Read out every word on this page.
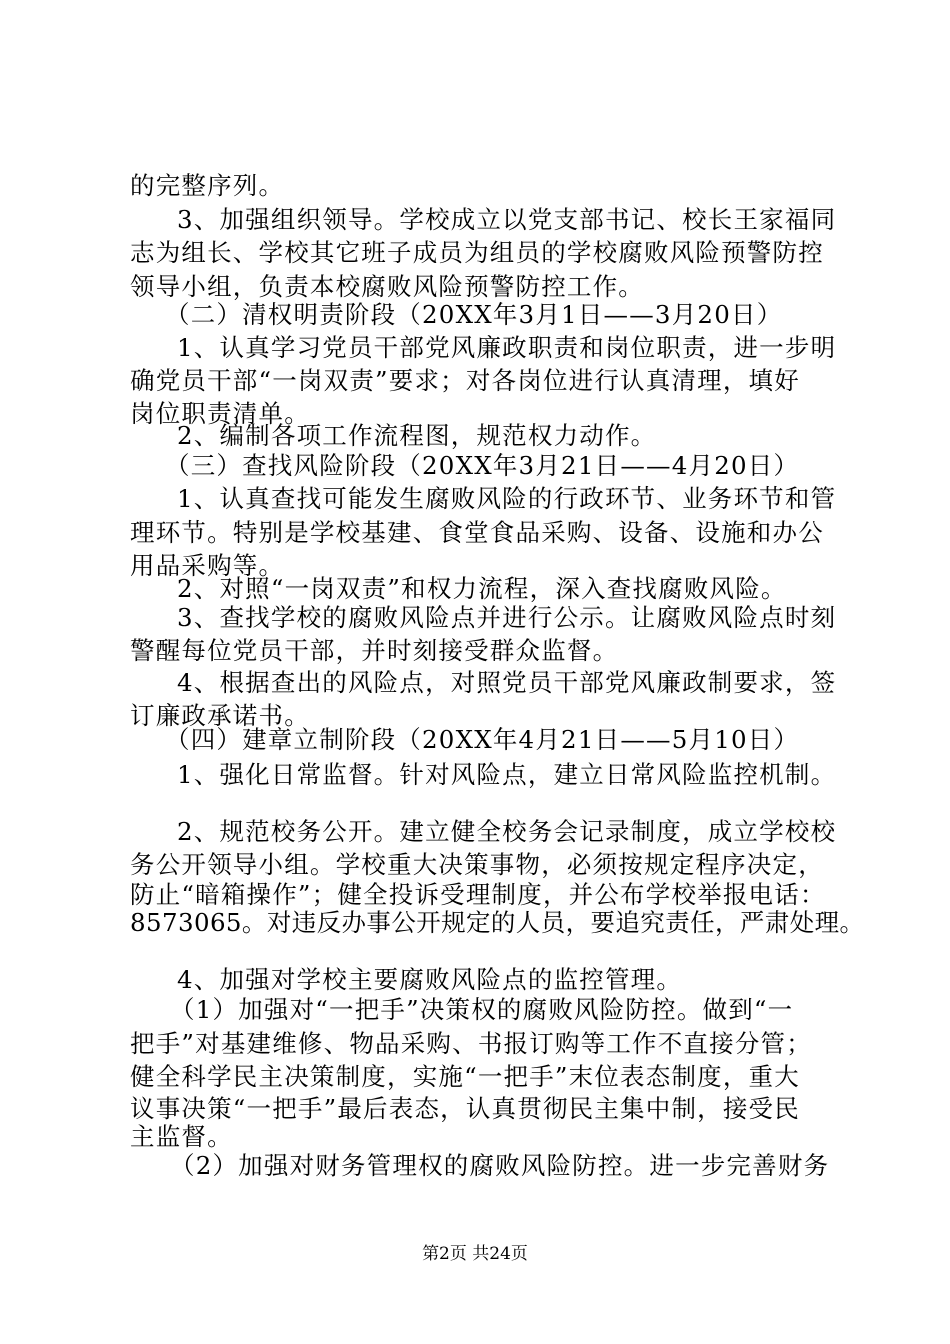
的完整序列。
3、加强组织领导。学校成立以党支部书记、校长王家福同
志为组长、学校其它班子成员为组员的学校腐败风险预警防控
领导小组，负责本校腐败风险预警防控工作。
（二）清权明责阶段（20XX年3月1日——3月20日）
1、认真学习党员干部党风廉政职责和岗位职责，进一步明
确党员干部“一岗双责”要求；对各岗位进行认真清理，填好
岗位职责清单。
2、编制各项工作流程图，规范权力动作。
（三）查找风险阶段（20XX年3月21日——4月20日）
1、认真查找可能发生腐败风险的行政环节、业务环节和管
理环节。特别是学校基建、食堂食品采购、设备、设施和办公
用品采购等。
2、对照“一岗双责”和权力流程，深入查找腐败风险。
3、查找学校的腐败风险点并进行公示。让腐败风险点时刻
警醒每位党员干部，并时刻接受群众监督。
4、根据查出的风险点，对照党员干部党风廉政制要求，签
订廉政承诺书。
（四）建章立制阶段（20XX年4月21日——5月10日）
1、强化日常监督。针对风险点，建立日常风险监控机制。
2、规范校务公开。建立健全校务会记录制度，成立学校校
务公开领导小组。学校重大决策事物，必须按规定程序决定，
防止“暗箱操作”；健全投诉受理制度，并公布学校举报电话：
8573065。对违反办事公开规定的人员，要追究责任，严肃处理。
4、加强对学校主要腐败风险点的监控管理。
（1）加强对“一把手”决策权的腐败风险防控。做到“一
把手”对基建维修、物品采购、书报订购等工作不直接分管；
健全科学民主决策制度，实施“一把手”末位表态制度，重大
议事决策“一把手”最后表态，认真贯彻民主集中制，接受民
主监督。
（2）加强对财务管理权的腐败风险防控。进一步完善财务
第2页 共24页
